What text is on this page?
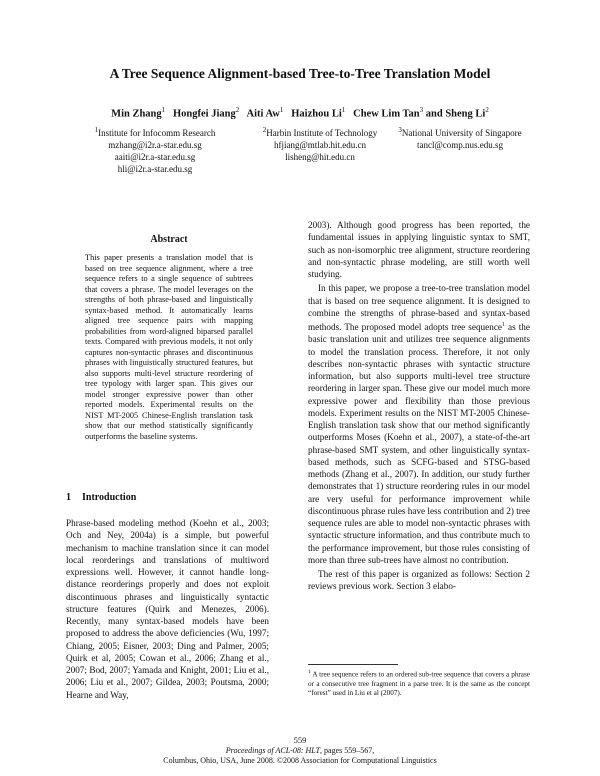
A Tree Sequence Alignment-based Tree-to-Tree Translation Model
Min Zhang$^1$ Hongfei Jiang$^2$ Aiti Aw$^1$ Haizhou Li$^1$ Chew Lim Tan$^3$ and Sheng Li$^2$
$^1$Institute for Infocomm Research
mzhang@i2r.a-star.edu.sg
aaiti@i2r.a-star.edu.sg
hli@i2r.a-star.edu.sg
$^2$Harbin Institute of Technology
hfjiang@mtlab.hit.edu.cn
lisheng@hit.edu.cn
$^3$National University of Singapore
tancl@comp.nus.edu.sg
Abstract
This paper presents a translation model that is based on tree sequence alignment, where a tree sequence refers to a single sequence of subtrees that covers a phrase. The model leverages on the strengths of both phrase-based and linguistically syntax-based method. It automatically learns aligned tree sequence pairs with mapping probabilities from word-aligned biparsed parallel texts. Compared with previous models, it not only captures non-syntactic phrases and discontinuous phrases with linguistically structured features, but also supports multi-level structure reordering of tree typology with larger span. This gives our model stronger expressive power than other reported models. Experimental results on the NIST MT-2005 Chinese-English translation task show that our method statistically significantly outperforms the baseline systems.
1 Introduction

Phrase-based modeling method (Koehn et al., 2003; Och and Ney, 2004a) is a simple, but powerful mechanism to machine translation since it can model local reorderings and translations of multiword expressions well. However, it cannot handle long-distance reorderings properly and does not exploit discontinuous phrases and linguistically syntactic structure features (Quirk and Menezes, 2006). Recently, many syntax-based models have been proposed to address the above deficiencies (Wu, 1997; Chiang, 2005; Eisner, 2003; Ding and Palmer, 2005; Quirk et al, 2005; Cowan et al., 2006; Zhang et al., 2007; Bod, 2007; Yamada and Knight, 2001; Liu et al., 2006; Liu et al., 2007; Gildea, 2003; Poutsma, 2000; Hearne and Way,

2003). Although good progress has been reported, the fundamental issues in applying linguistic syntax to SMT, such as non-isomorphic tree alignment, structure reordering and non-syntactic phrase modeling, are still worth well studying.

In this paper, we propose a tree-to-tree translation model that is based on tree sequence alignment. It is designed to combine the strengths of phrase-based and syntax-based methods. The proposed model adopts tree sequence$^1$ as the basic translation unit and utilizes tree sequence alignments to model the translation process. Therefore, it not only describes non-syntactic phrases with syntactic structure information, but also supports multi-level tree structure reordering in larger span. These give our model much more expressive power and flexibility than those previous models. Experiment results on the NIST MT-2005 Chinese-English translation task show that our method significantly outperforms Moses (Koehn et al., 2007), a state-of-the-art phrase-based SMT system, and other linguistically syntax-based methods, such as SCFG-based and STSG-based methods (Zhang et al., 2007). In addition, our study further demonstrates that 1) structure reordering rules in our model are very useful for performance improvement while discontinuous phrase rules have less contribution and 2) tree sequence rules are able to model non-syntactic phrases with syntactic structure information, and thus contribute much to the performance improvement, but those rules consisting of more than three sub-trees have almost no contribution.

The rest of this paper is organized as follows: Section 2 reviews previous work. Section 3 elabo-

$^1$ A tree sequence refers to an ordered sub-tree sequence that covers a phrase or a consecutive tree fragment in a parse tree. It is the same as the concept “forest” used in Liu et al (2007).
559
Proceedings of ACL-08: HLT, pages 559–567,
Columbus, Ohio, USA, June 2008. ©2008 Association for Computational Linguistics
